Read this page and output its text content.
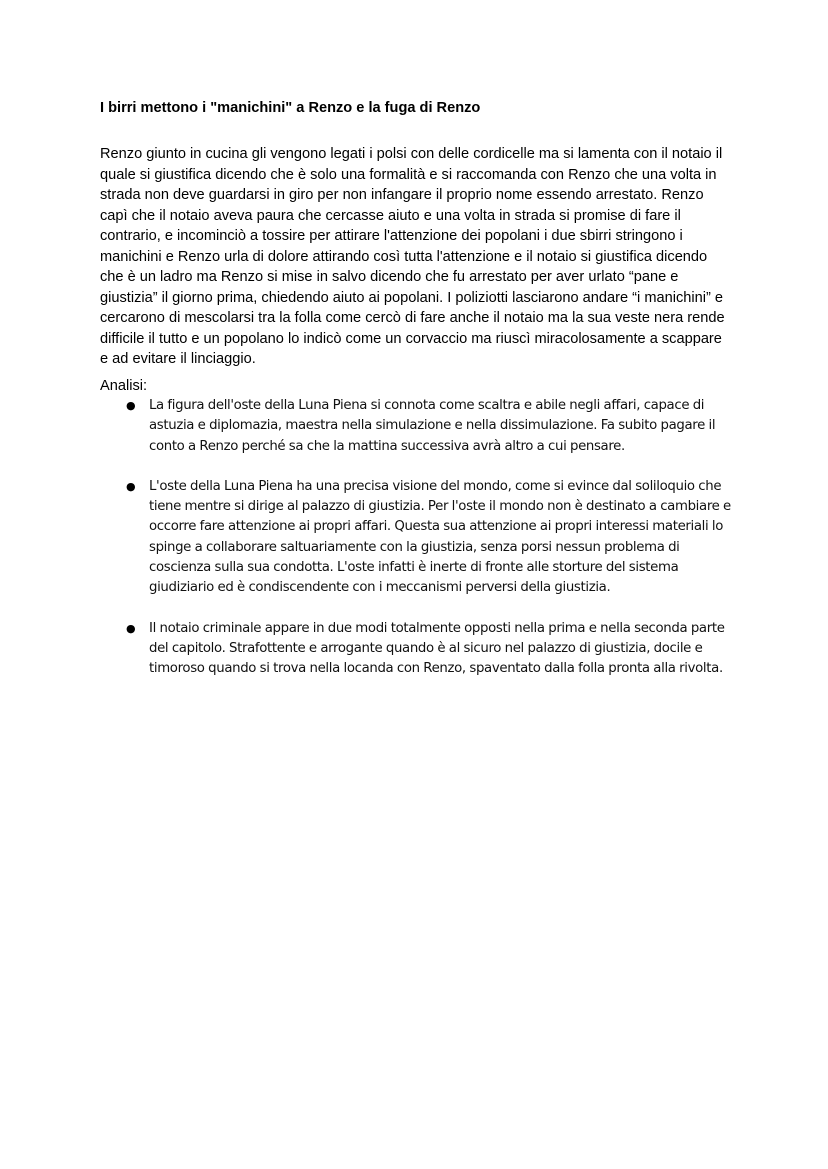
I birri mettono i "manichini" a Renzo e la fuga di Renzo

Renzo giunto in cucina gli vengono legati i polsi con delle cordicelle ma si lamenta con il notaio il quale si giustifica dicendo che è solo una formalità e si raccomanda con Renzo che una volta in strada non deve guardarsi in giro per non infangare il proprio nome essendo arrestato. Renzo capì che il notaio aveva paura che cercasse aiuto e una volta in strada si promise di fare il contrario, e incominciò a tossire per attirare l'attenzione dei popolani i due sbirri stringono i manichini e Renzo urla di dolore attirando così tutta l'attenzione e il notaio si giustifica dicendo che è un ladro ma Renzo si mise in salvo dicendo che fu arrestato per aver urlato “pane e giustizia” il giorno prima, chiedendo aiuto ai popolani. I poliziotti lasciarono andare “i manichini” e cercarono di mescolarsi tra la folla come cercò di fare anche il notaio ma la sua veste nera rende difficile il tutto e un popolano lo indicò come un corvaccio ma riuscì miracolosamente a scappare e ad evitare il linciaggio.

Analisi:

● La figura dell'oste della Luna Piena si connota come scaltra e abile negli affari, capace di astuzia e diplomazia, maestra nella simulazione e nella dissimulazione. Fa subito pagare il conto a Renzo perché sa che la mattina successiva avrà altro a cui pensare.
● L'oste della Luna Piena ha una precisa visione del mondo, come si evince dal soliloquio che tiene mentre si dirige al palazzo di giustizia. Per l'oste il mondo non è destinato a cambiare e occorre fare attenzione ai propri affari. Questa sua attenzione ai propri interessi materiali lo spinge a collaborare saltuariamente con la giustizia, senza porsi nessun problema di coscienza sulla sua condotta. L'oste infatti è inerte di fronte alle storture del sistema giudiziario ed è condiscendente con i meccanismi perversi della giustizia.
● Il notaio criminale appare in due modi totalmente opposti nella prima e nella seconda parte del capitolo. Strafottente e arrogante quando è al sicuro nel palazzo di giustizia, docile e timoroso quando si trova nella locanda con Renzo, spaventato dalla folla pronta alla rivolta.
